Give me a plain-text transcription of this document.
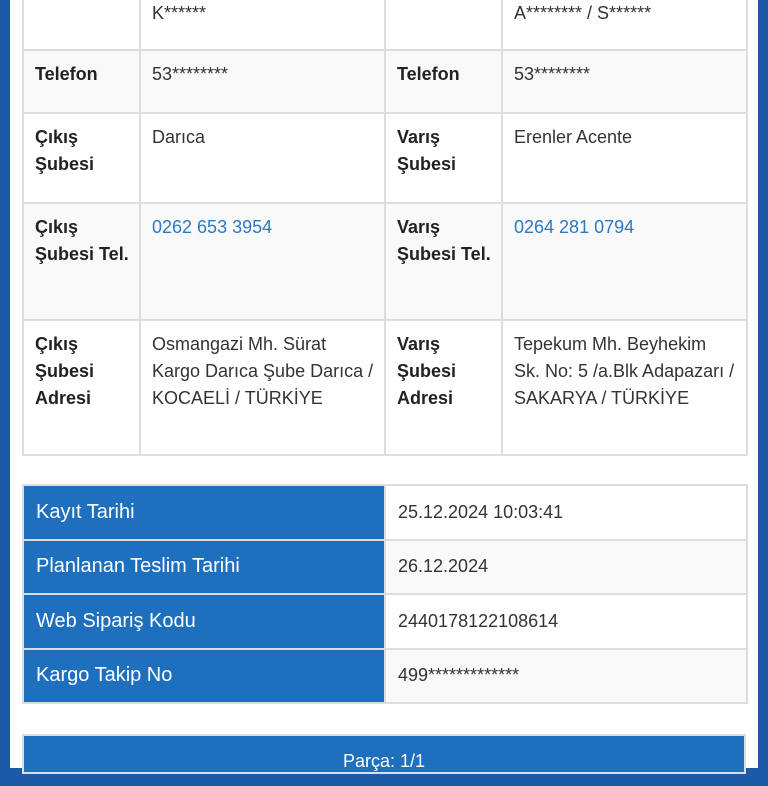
	K******		A******** / S******
Telefon	53********	Telefon	53********
Çıkış Şubesi	Darıca	Varış Şubesi	Erenler Acente
Çıkış Şubesi Tel.	0262 653 3954	Varış Şubesi Tel.	0264 281 0794
Çıkış Şubesi Adresi	Osmangazi Mh. Sürat Kargo Darıca Şube Darıca / KOCAELİ / TÜRKİYE	Varış Şubesi Adresi	Tepekum Mh. Beyhekim Sk. No: 5 /a.Blk Adapazarı / SAKARYA / TÜRKİYE
Kayıt Tarihi	25.12.2024 10:03:41
Planlanan Teslim Tarihi	26.12.2024
Web Sipariş Kodu	2440178122108614
Kargo Takip No	499*************
Parça: 1/1
